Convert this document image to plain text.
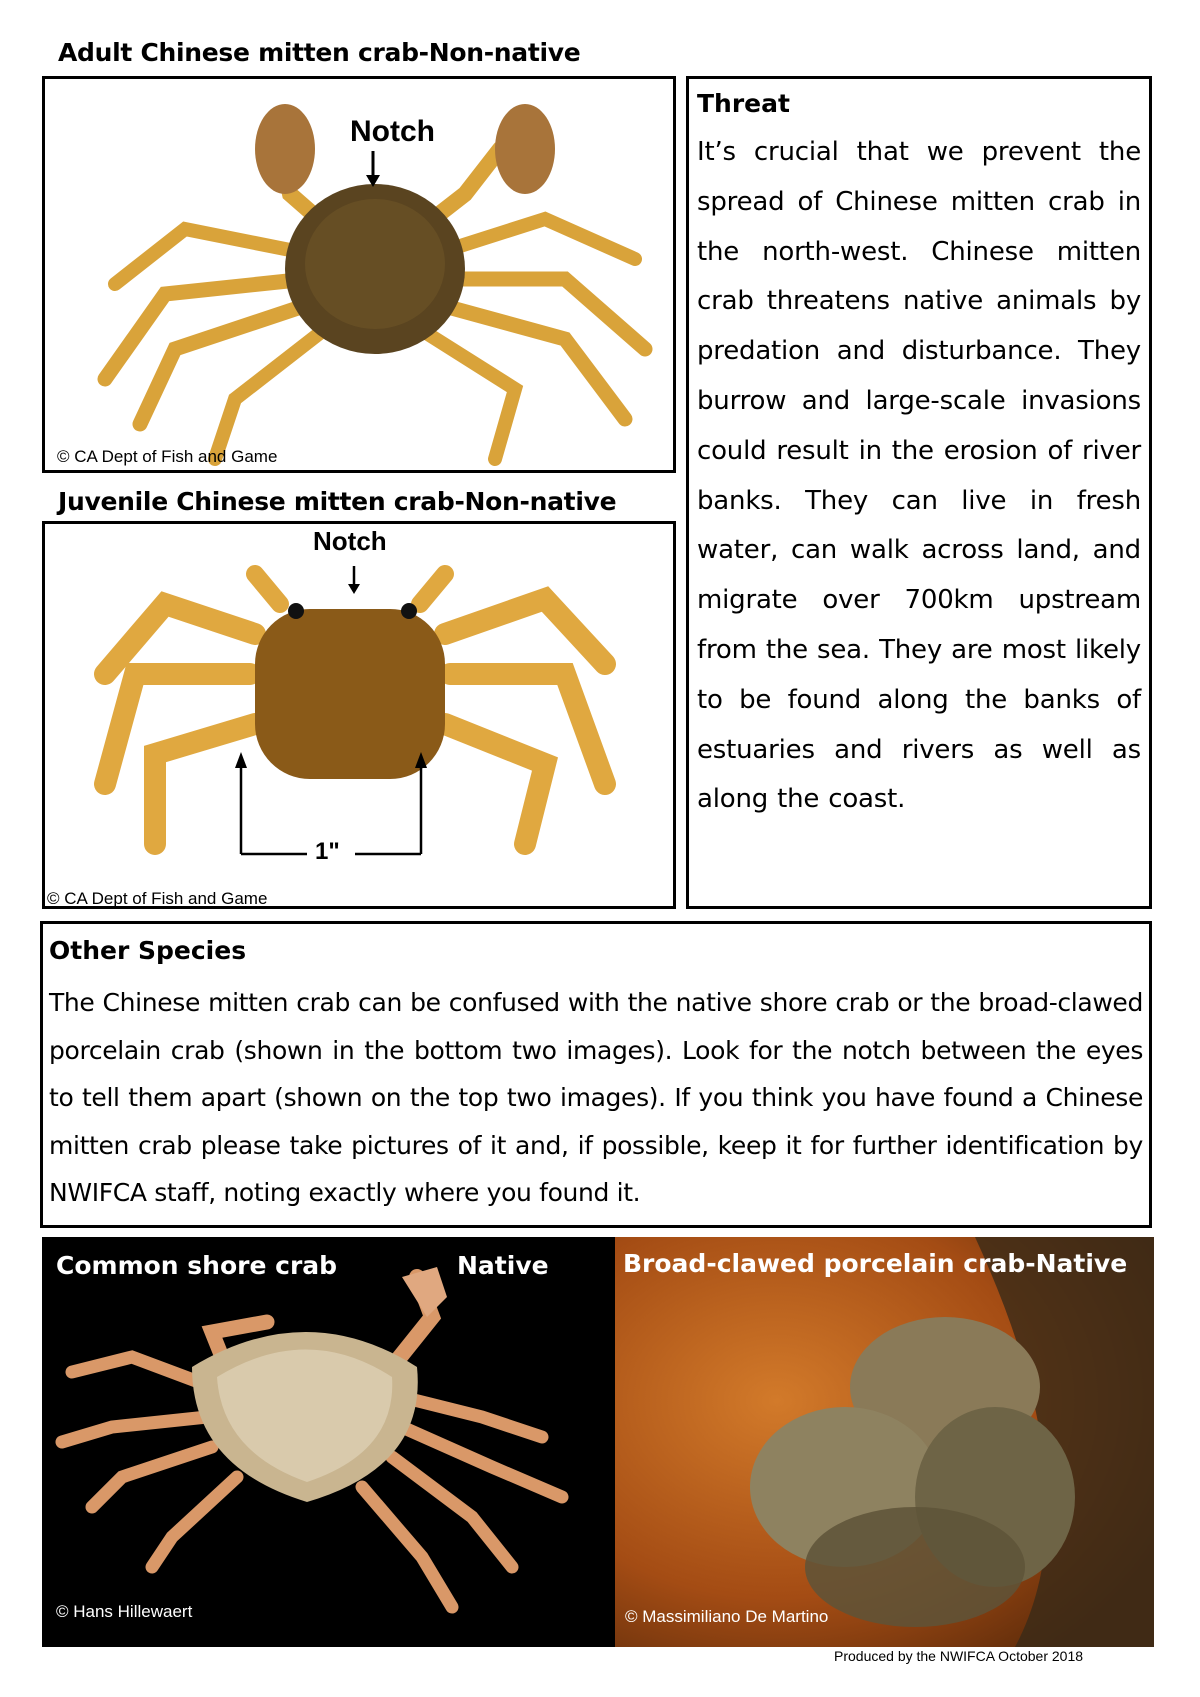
Adult Chinese mitten crab-Non-native
Notch
© CA Dept of Fish and Game
Juvenile Chinese mitten crab-Non-native
Notch
1"
© CA Dept of Fish and Game
Threat
It’s crucial that we prevent the spread of Chinese mitten crab in the north-west. Chinese mitten crab threatens native animals by predation and disturbance. They burrow and large-scale invasions could result in the erosion of river banks. They can live in fresh water, can walk across land, and migrate over 700km upstream from the sea. They are most likely to be found along the banks of estuaries and rivers as well as along the coast.
Other Species
The Chinese mitten crab can be confused with the native shore crab or the broad-clawed porcelain crab (shown in the bottom two images). Look for the notch between the eyes to tell them apart (shown on the top two images). If you think you have found a Chinese mitten crab please take pictures of it and, if possible, keep it for further identification by NWIFCA staff, noting exactly where you found it.
Common shore crab	Native
© Hans Hillewaert
Broad-clawed porcelain crab-Native
© Massimiliano De Martino
Produced by the NWIFCA October 2018
